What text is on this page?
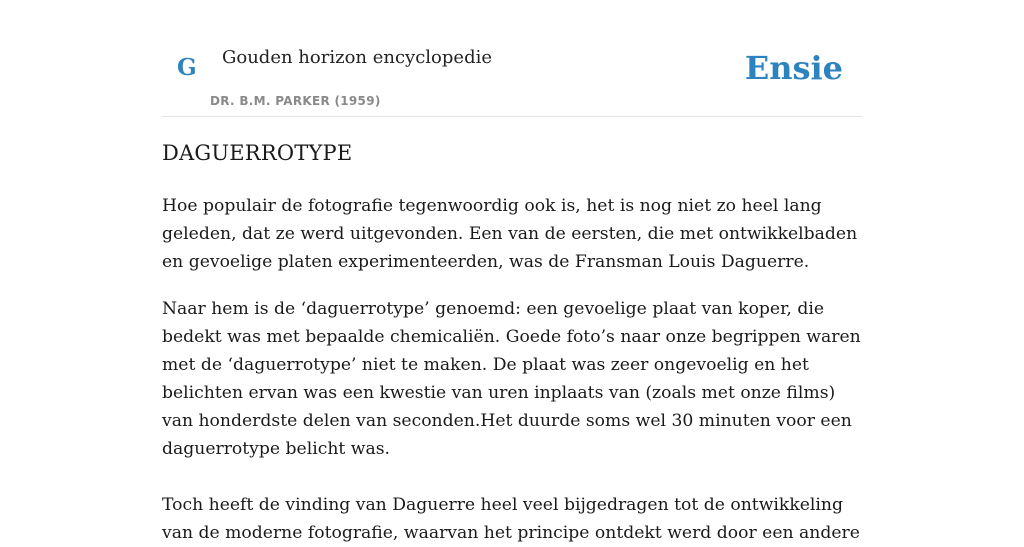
G Gouden horizon encyclopedie
DR. B.M. PARKER (1959)
Ensie
DAGUERROTYPE

Hoe populair de fotografie tegenwoordig ook is, het is nog niet zo heel lang geleden, dat ze werd uitgevonden. Een van de eersten, die met ontwikkelbaden en gevoelige platen experimenteerden, was de Fransman Louis Daguerre.

Naar hem is de ‘daguerrotype’ genoemd: een gevoelige plaat van koper, die bedekt was met bepaalde chemicaliën. Goede foto’s naar onze begrippen waren met de ‘daguerrotype’ niet te maken. De plaat was zeer ongevoelig en het belichten ervan was een kwestie van uren inplaats van (zoals met onze films) van honderdste delen van seconden.Het duurde soms wel 30 minuten voor een daguerrotype belicht was.

Toch heeft de vinding van Daguerre heel veel bijgedragen tot de ontwikkeling van de moderne fotografie, waarvan het principe ontdekt werd door een andere
